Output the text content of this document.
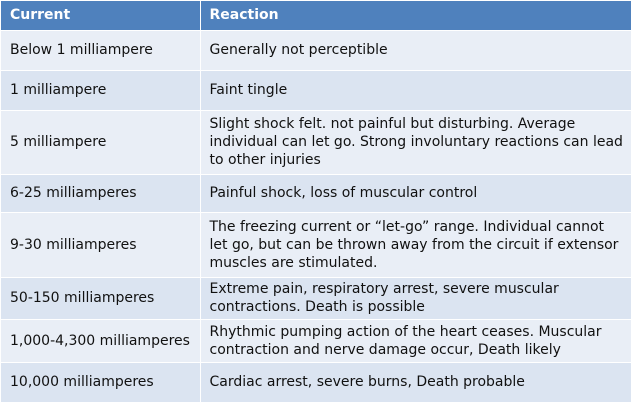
Current	Reaction
Below 1 milliampere	Generally not perceptible
1 milliampere	Faint tingle
5 milliampere	Slight shock felt. not painful but disturbing. Average individual can let go. Strong involuntary reactions can lead to other injuries
6-25 milliamperes	Painful shock, loss of muscular control
9-30 milliamperes	The freezing current or “let-go” range. Individual cannot let go, but can be thrown away from the circuit if extensor muscles are stimulated.
50-150 milliamperes	Extreme pain, respiratory arrest, severe muscular contractions. Death is possible
1,000-4,300 milliamperes	Rhythmic pumping action of the heart ceases. Muscular contraction and nerve damage occur, Death likely
10,000 milliamperes	Cardiac arrest, severe burns, Death probable
